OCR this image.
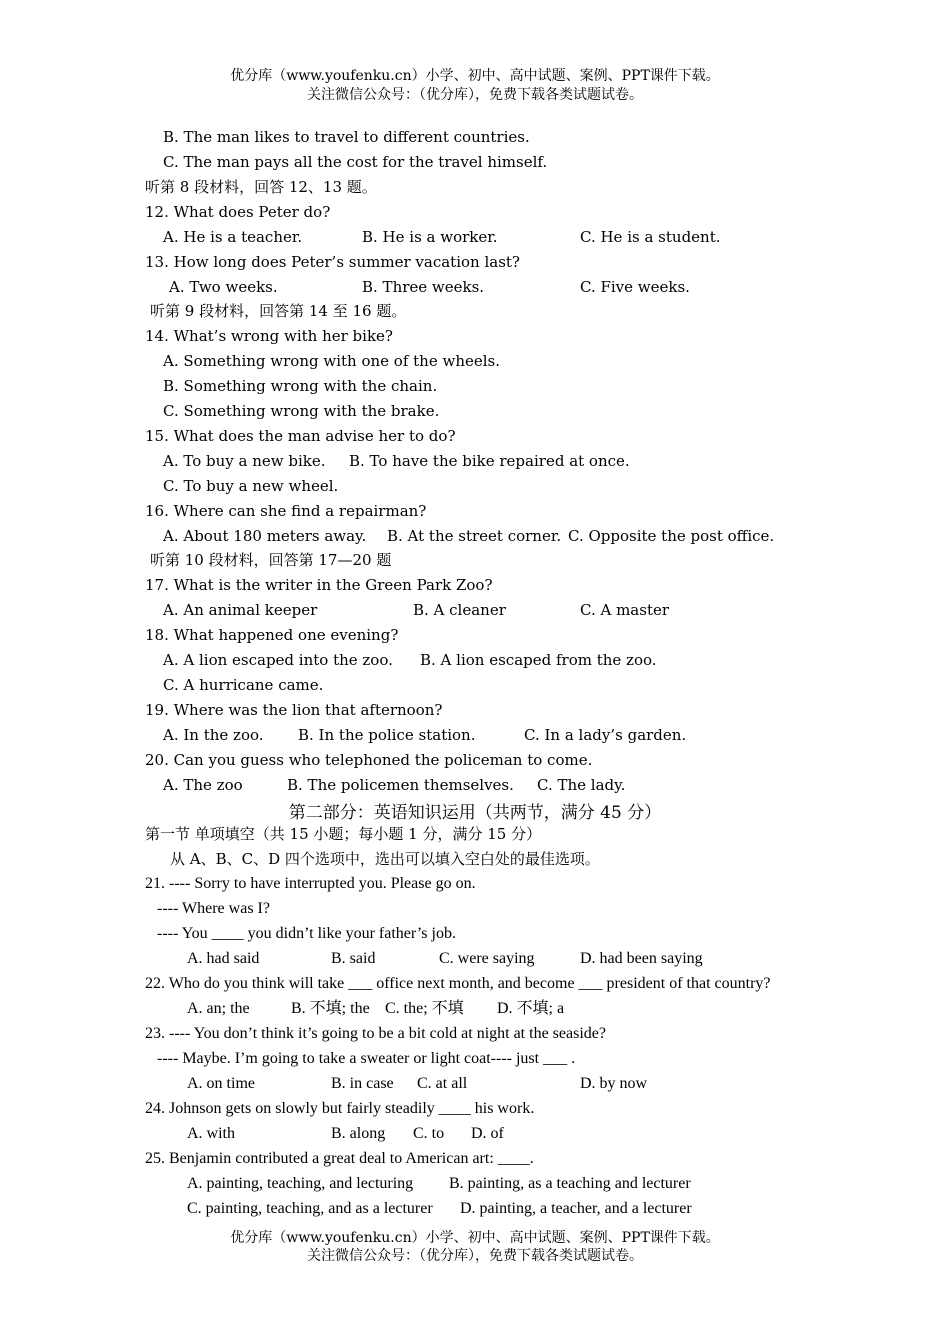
优分库（www.youfenku.cn）小学、初中、高中试题、案例、PPT课件下载。
关注微信公众号：（优分库），免费下载各类试题试卷。
B. The man likes to travel to different countries.
C. The man pays all the cost for the travel himself.
听第 8 段材料，回答 12、13 题。
12. What does Peter do?
A. He is a teacher.	B. He is a worker.	C. He is a student.
13. How long does Peter’s summer vacation last?
A. Two weeks.	B. Three weeks.	C. Five weeks.
听第 9 段材料，回答第 14 至 16 题。
14. What’s wrong with her bike?
A. Something wrong with one of the wheels.
B. Something wrong with the chain.
C. Something wrong with the brake.
15. What does the man advise her to do?
A. To buy a new bike. B. To have the bike repaired at once.
C. To buy a new wheel.
16. Where can she find a repairman?
A. About 180 meters away. B. At the street corner. C. Opposite the post office.
听第 10 段材料，回答第 17—20 题
17. What is the writer in the Green Park Zoo?
A. An animal keeper	B. A cleaner	C. A master
18. What happened one evening?
A. A lion escaped into the zoo. B. A lion escaped from the zoo.
C. A hurricane came.
19. Where was the lion that afternoon?
A. In the zoo. B. In the police station.	C. In a lady’s garden.
20. Can you guess who telephoned the policeman to come.
A. The zoo	B. The policemen themselves. C. The lady.
第二部分：英语知识运用（共两节，满分 45 分）
第一节 单项填空（共 15 小题；每小题 1 分，满分 15 分）
从 A、B、C、D 四个选项中，选出可以填入空白处的最佳选项。
21. ---- Sorry to have interrupted you. Please go on.
---- Where was I?
---- You ____ you didn’t like your father’s job.
A. had said	B. said	C. were saying	D. had been saying
22. Who do you think will take ___ office next month, and become ___ president of that country?
A. an; the	B. 不填; the C. the; 不填 D. 不填; a
23. ---- You don’t think it’s going to be a bit cold at night at the seaside?
---- Maybe. I’m going to take a sweater or light coat---- just ___ .
A. on time	B. in case C. at all	D. by now
24. Johnson gets on slowly but fairly steadily ____ his work.
A. with	B. along C. to D. of
25. Benjamin contributed a great deal to American art: ____.
A. painting, teaching, and lecturing B. painting, as a teaching and lecturer
C. painting, teaching, and as a lecturer D. painting, a teacher, and a lecturer
优分库（www.youfenku.cn）小学、初中、高中试题、案例、PPT课件下载。
关注微信公众号：（优分库），免费下载各类试题试卷。
